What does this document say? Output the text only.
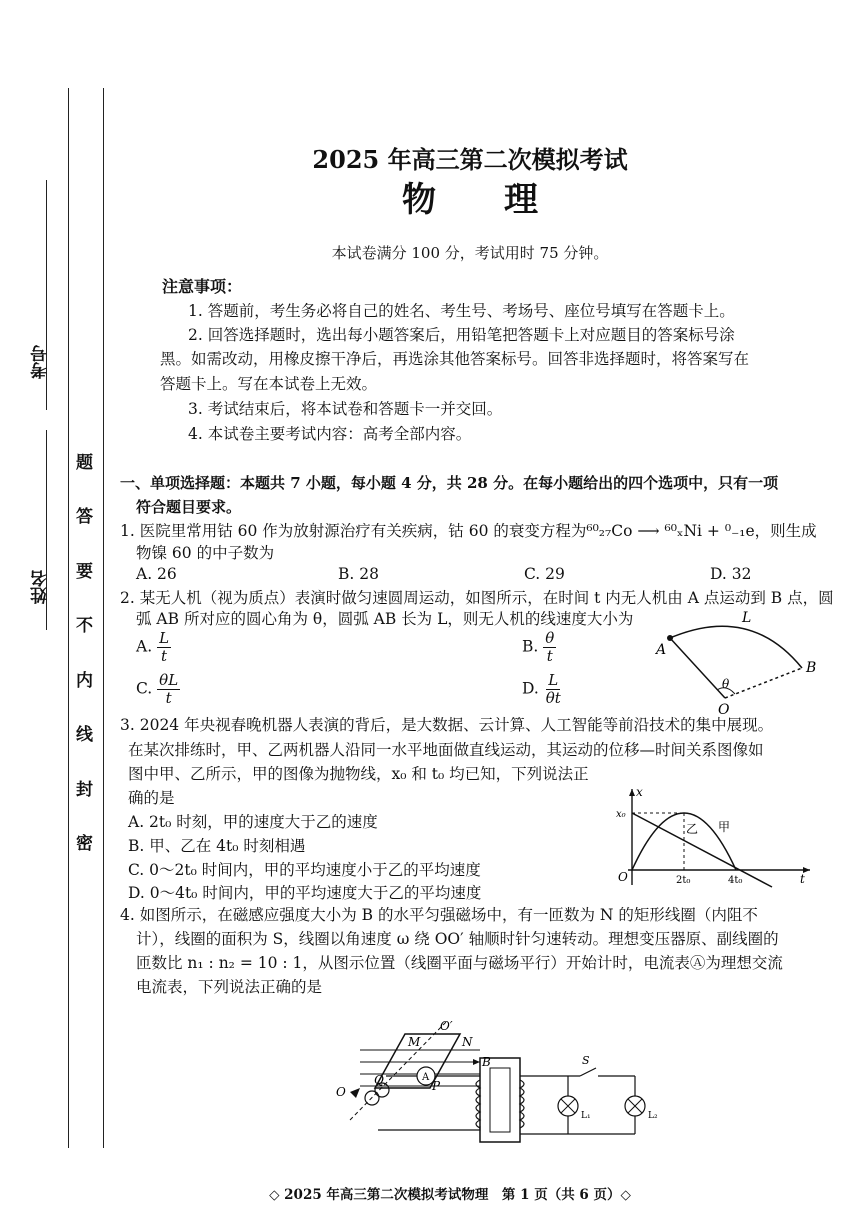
考号
姓名
题
答
要
不
内
线
封
密
2025 年高三第二次模拟考试
物　　理
本试卷满分 100 分，考试用时 75 分钟。
注意事项：
1. 答题前，考生务必将自己的姓名、考生号、考场号、座位号填写在答题卡上。
2. 回答选择题时，选出每小题答案后，用铅笔把答题卡上对应题目的答案标号涂
黑。如需改动，用橡皮擦干净后，再选涂其他答案标号。回答非选择题时，将答案写在
答题卡上。写在本试卷上无效。
3. 考试结束后，将本试卷和答题卡一并交回。
4. 本试卷主要考试内容：高考全部内容。
一、单项选择题：本题共 7 小题，每小题 4 分，共 28 分。在每小题给出的四个选项中，只有一项
符合题目要求。
1. 医院里常用钴 60 作为放射源治疗有关疾病，钴 60 的衰变方程为⁶⁰₂₇Co ⟶ ⁶⁰ₓNi + ⁰₋₁e，则生成
物镍 60 的中子数为
A. 26	B. 28	C. 29	D. 32
2. 某无人机（视为质点）表演时做匀速圆周运动，如图所示，在时间 t 内无人机由 A 点运动到 B 点，圆
弧 AB 所对应的圆心角为 θ，圆弧 AB 长为 L，则无人机的线速度大小为
A. $\frac{L}{t}$	B. $\frac{\theta}{t}$
C. $\frac{\theta L}{t}$	D. $\frac{L}{\theta t}$
L
A
B
O
θ
3. 2024 年央视春晚机器人表演的背后，是大数据、云计算、人工智能等前沿技术的集中展现。
在某次排练时，甲、乙两机器人沿同一水平地面做直线运动，其运动的位移—时间关系图像如
图中甲、乙所示，甲的图像为抛物线，x₀ 和 t₀ 均已知，下列说法正
确的是
A. 2t₀ 时刻，甲的速度大于乙的速度
B. 甲、乙在 4t₀ 时刻相遇
C. 0～2t₀ 时间内，甲的平均速度小于乙的平均速度
D. 0～4t₀ 时间内，甲的平均速度大于乙的平均速度
x
t
x₀
O	2t₀	4t₀
乙 甲
4. 如图所示，在磁感应强度大小为 B 的水平匀强磁场中，有一匝数为 N 的矩形线圈（内阻不
计），线圈的面积为 S，线圈以角速度 ω 绕 OO′ 轴顺时针匀速转动。理想变压器原、副线圈的
匝数比 n₁ : n₂ = 10 : 1，从图示位置（线圈平面与磁场平行）开始计时，电流表Ⓐ为理想交流
电流表，下列说法正确的是
O′
M	N
B
Q	P
O
A
S
L₁	L₂
◇ 2025 年高三第二次模拟考试物理　第 1 页（共 6 页）◇
